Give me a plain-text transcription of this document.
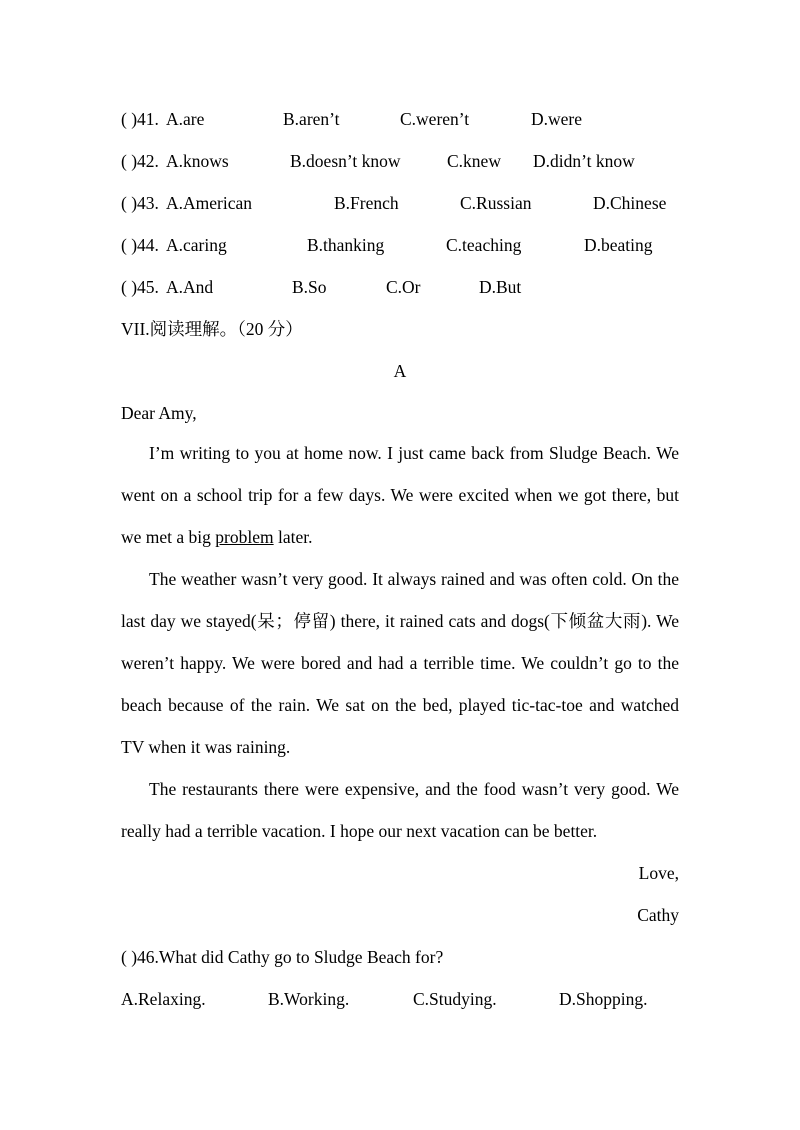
( )41. A.are	B.aren’t	C.weren’t	D.were
( )42. A.knows	B.doesn’t know	C.knew D.didn’t know
( )43. A.American	B.French	C.Russian	D.Chinese
( )44. A.caring	B.thanking	C.teaching	D.beating
( )45. A.And	B.So	C.Or	D.But
VII.阅读理解。（20 分）
A
Dear Amy,
I’m writing to you at home now. I just came back from Sludge Beach. We went on a school trip for a few days. We were excited when we got there, but we met a big problem later.
The weather wasn’t very good. It always rained and was often cold. On the last day we stayed(呆；停留) there, it rained cats and dogs(下倾盆大雨). We weren’t happy. We were bored and had a terrible time. We couldn’t go to the beach because of the rain. We sat on the bed, played tic-tac-toe and watched TV when it was raining.
The restaurants there were expensive, and the food wasn’t very good. We really had a terrible vacation. I hope our next vacation can be better.
Love,
Cathy
( )46.What did Cathy go to Sludge Beach for?
A.Relaxing.	B.Working.	C.Studying.	D.Shopping.
